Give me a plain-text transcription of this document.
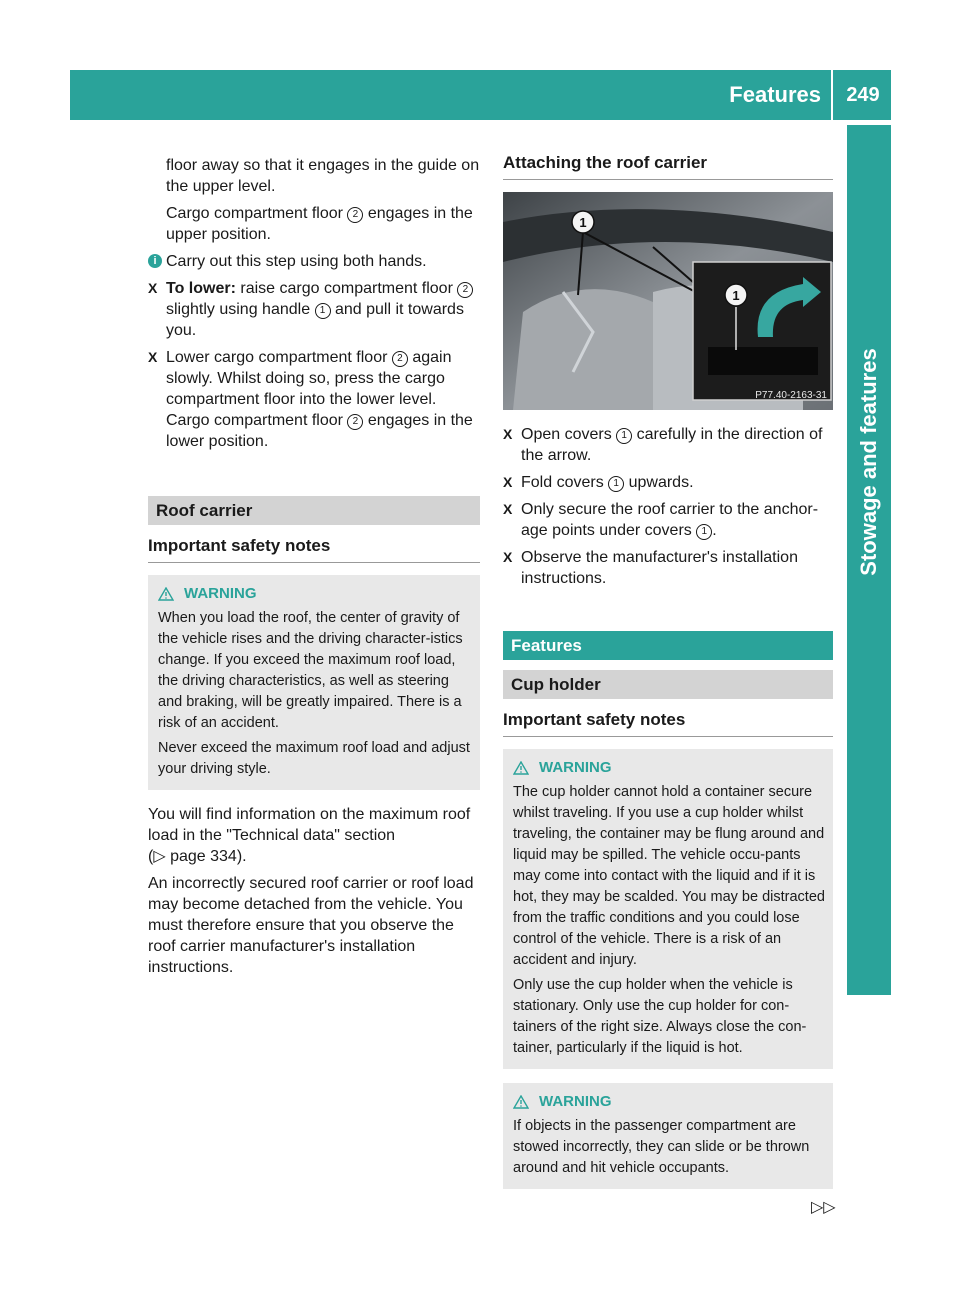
Features	249
Stowage and features

floor away so that it engages in the guide on the upper level.

Cargo compartment floor 2 engages in the upper position.

i Carry out this step using both hands.
X To lower: raise cargo compartment floor 2 slightly using handle 1 and pull it towards you.
X Lower cargo compartment floor 2 again slowly. Whilst doing so, press the cargo compartment floor into the lower level.
Cargo compartment floor 2 engages in the lower position.
Roof carrier
Important safety notes
WARNING

When you load the roof, the center of gravity of the vehicle rises and the driving character-istics change. If you exceed the maximum roof load, the driving characteristics, as well as steering and braking, will be greatly impaired. There is a risk of an accident.

Never exceed the maximum roof load and adjust your driving style.

You will find information on the maximum roof load in the "Technical data" section

(▷ page 334).

An incorrectly secured roof carrier or roof load may become detached from the vehicle. You must therefore ensure that you observe the roof carrier manufacturer's installation instructions.

Attaching the roof carrier
1
1
P77.40-2163-31
X Open covers 1 carefully in the direction of the arrow.
X Fold covers 1 upwards.
X Only secure the roof carrier to the anchor-age points under covers 1 .
X Observe the manufacturer's installation instructions.
Features
Cup holder
Important safety notes
WARNING

The cup holder cannot hold a container secure whilst traveling. If you use a cup holder whilst traveling, the container may be flung around and liquid may be spilled. The vehicle occu-pants may come into contact with the liquid and if it is hot, they may be scalded. You may be distracted from the traffic conditions and you could lose control of the vehicle. There is a risk of an accident and injury.

Only use the cup holder when the vehicle is stationary. Only use the cup holder for con-tainers of the right size. Always close the con-tainer, particularly if the liquid is hot.

WARNING

If objects in the passenger compartment are stowed incorrectly, they can slide or be thrown around and hit vehicle occupants.

▷▷
